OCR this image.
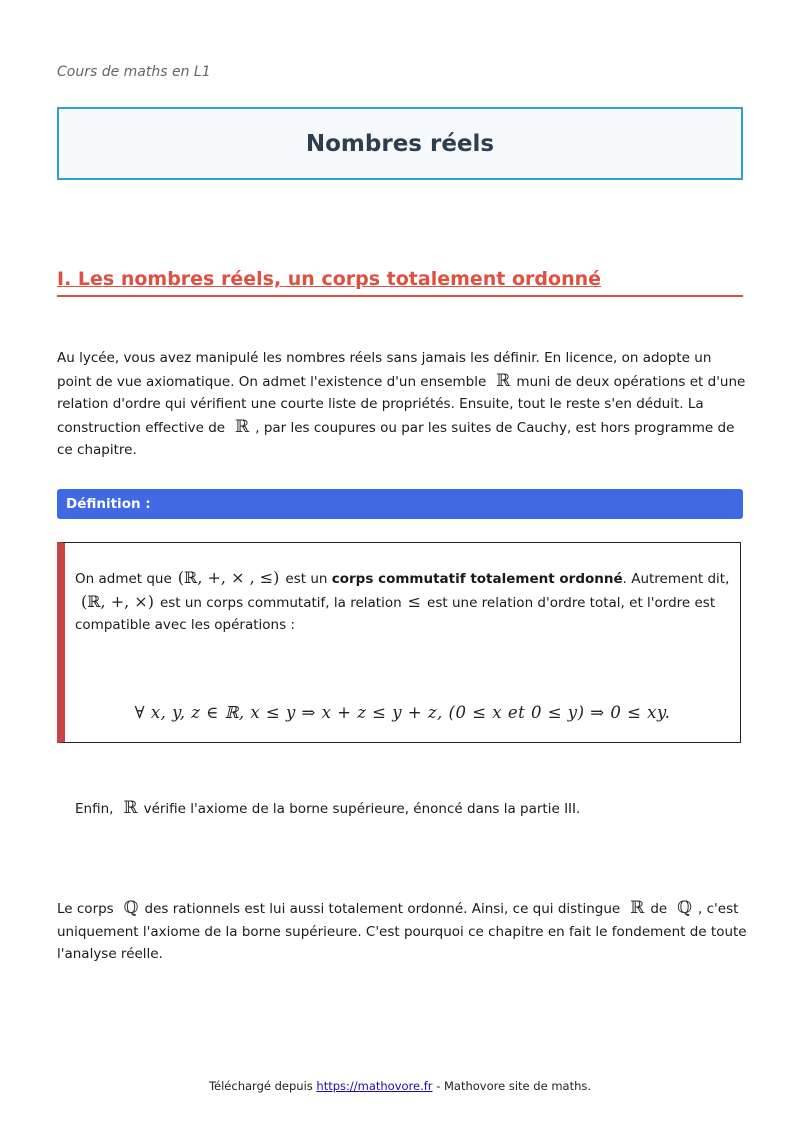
Cours de maths en L1
Nombres réels
I. Les nombres réels, un corps totalement ordonné
Au lycée, vous avez manipulé les nombres réels sans jamais les définir. En licence, on adopte un point de vue axiomatique. On admet l'existence d'un ensemble ℝ muni de deux opérations et d'une relation d'ordre qui vérifient une courte liste de propriétés. Ensuite, tout le reste s'en déduit. La construction effective de ℝ , par les coupures ou par les suites de Cauchy, est hors programme de ce chapitre.
Définition :
On admet que (ℝ, +, × , ≤) est un corps commutatif totalement ordonné. Autrement dit,
(ℝ, +, ×) est un corps commutatif, la relation ≤ est une relation d'ordre total, et l'ordre est compatible avec les opérations :
∀ x, y, z ∈ ℝ, x ≤ y ⇒ x + z ≤ y + z, (0 ≤ x et 0 ≤ y) ⇒ 0 ≤ xy.
Enfin, ℝ vérifie l'axiome de la borne supérieure, énoncé dans la partie III.
Le corps ℚ des rationnels est lui aussi totalement ordonné. Ainsi, ce qui distingue ℝ de ℚ , c'est uniquement l'axiome de la borne supérieure. C'est pourquoi ce chapitre en fait le fondement de toute l'analyse réelle.
Téléchargé depuis https://mathovore.fr - Mathovore site de maths.
